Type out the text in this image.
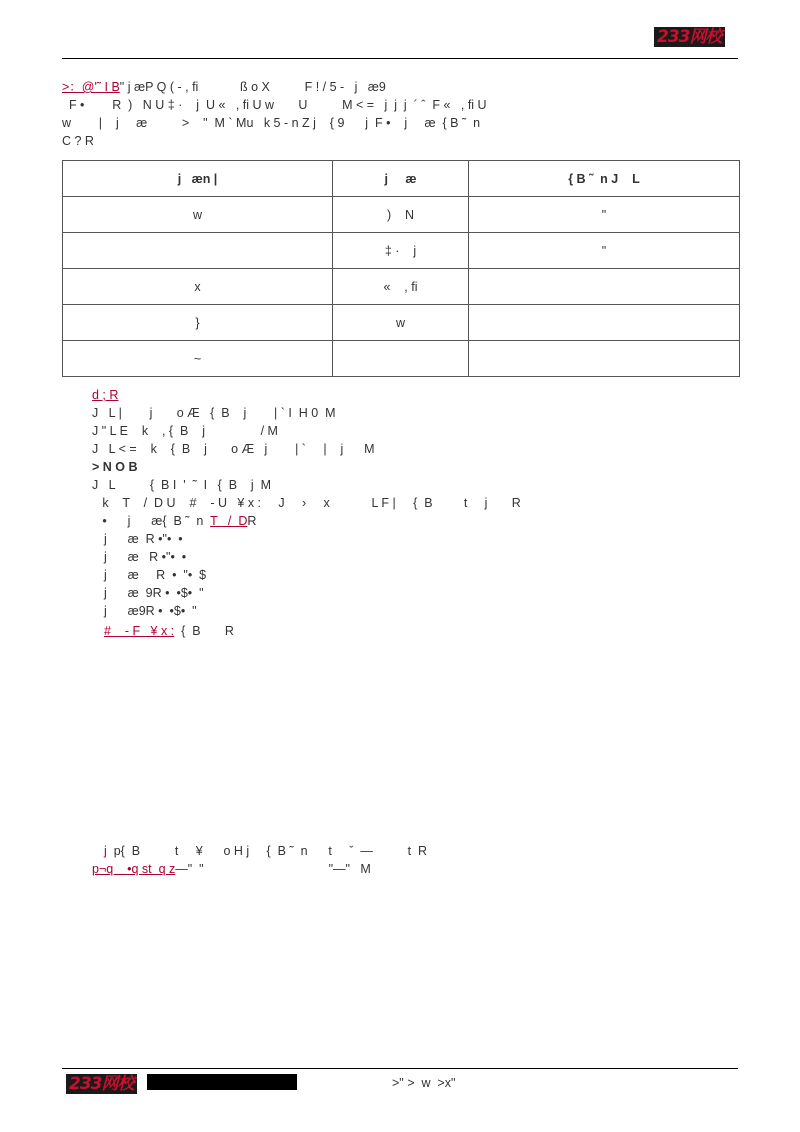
233网校
>：@'˜ I B" j æP Q ( - , fi            ß o X          F ! / 5 -   j   æ9
F •        R  )   N U ‡ ·    j  U «   , fi U w       U          M < =   j  j  j  ´ ˆ  F «   , fi U
w        |    j     æ          >    "  M ` Mu   k 5 - n Z j    { 9      j  F •    j     æ  { B ˜  n
C ? R
j   æn |	j     æ	{ B ˜  n J    L
w	)    N	"
	‡ ·    j	"
x	«    , fi	
}	w	
~		
d ; R
J   L |        j       o Æ   {  B    j        | ` I  H 0  M
J " L E    k    , {  B    j                / M
J   L < =    k    {  B    j       o Æ   j        | `     |    j      M
> N O B
J   L          {  B I  '  ˜  I   {  B    j  M
k    T    /  D U    #    - U   ¥ x :     J     ›     x            L F |     {  B         t     j       R
•      j      æ{  B ˜  n T   /  DR
j      æ  R •"•  •
j      æ   R •"•  •
j      æ     R  •  "•  $
j      æ  9R •  •$•  "
j      æ9R •  •$•  "
#    - F   ¥ x :  {  B       R
j  p{  B          t     ¥      o H j     {  B ˜  n      t     ˇ  —          t  R
p¬q    •q st  q z—"  "                                    "—"   M
233网校	>" >  w  >x"
